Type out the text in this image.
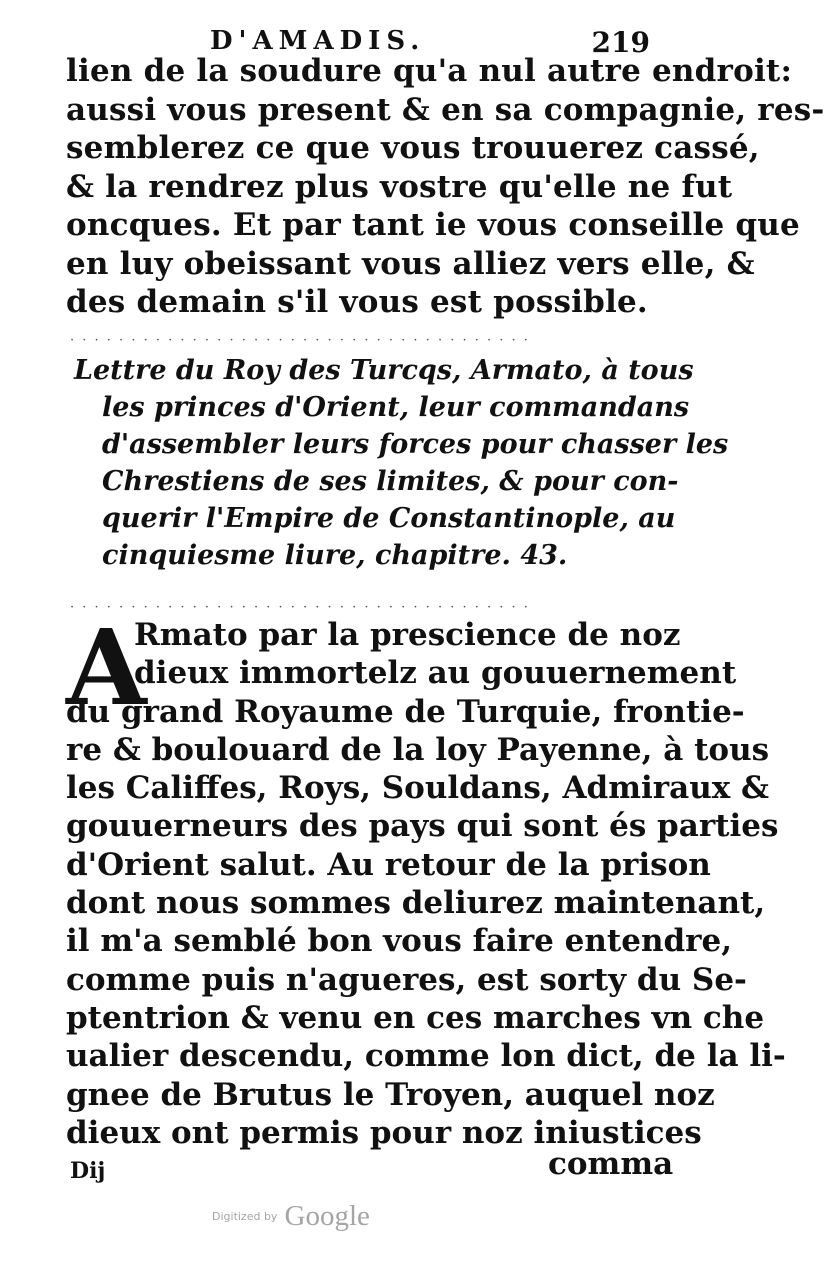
D'AMADIS.	219
lien de la soudure qu'a nul autre endroit:
aussi vous present & en sa compagnie, res-
semblerez ce que vous trouuerez cassé,
& la rendrez plus vostre qu'elle ne fut
oncques. Et par tant ie vous conseille que
en luy obeissant vous alliez vers elle, &
des demain s'il vous est possible.
· · · · · · · · · · · · · · · · · · · · · · · · · · · · · · · · · · · · · ·
Lettre du Roy des Turcqs, Armato, à tous
les princes d'Orient, leur commandans
d'assembler leurs forces pour chasser les
Chrestiens de ses limites, & pour con-
querir l'Empire de Constantinople, au
cinquiesme liure, chapitre. 43.
· · · · · · · · · · · · · · · · · · · · · · · · · · · · · · · · · · · · · ·
A
Rmato par la prescience de noz
dieux immortelz au gouuernement
du grand Royaume de Turquie, frontie-
re & boulouard de la loy Payenne, à tous
les Califfes, Roys, Souldans, Admiraux &
gouuerneurs des pays qui sont és parties
d'Orient salut. Au retour de la prison
dont nous sommes deliurez maintenant,
il m'a semblé bon vous faire entendre,
comme puis n'agueres, est sorty du Se-
ptentrion & venu en ces marches vn che
ualier descendu, comme lon dict, de la li-
gnee de Brutus le Troyen, auquel noz
dieux ont permis pour noz iniustices
Dij	comma
Digitized by Google
